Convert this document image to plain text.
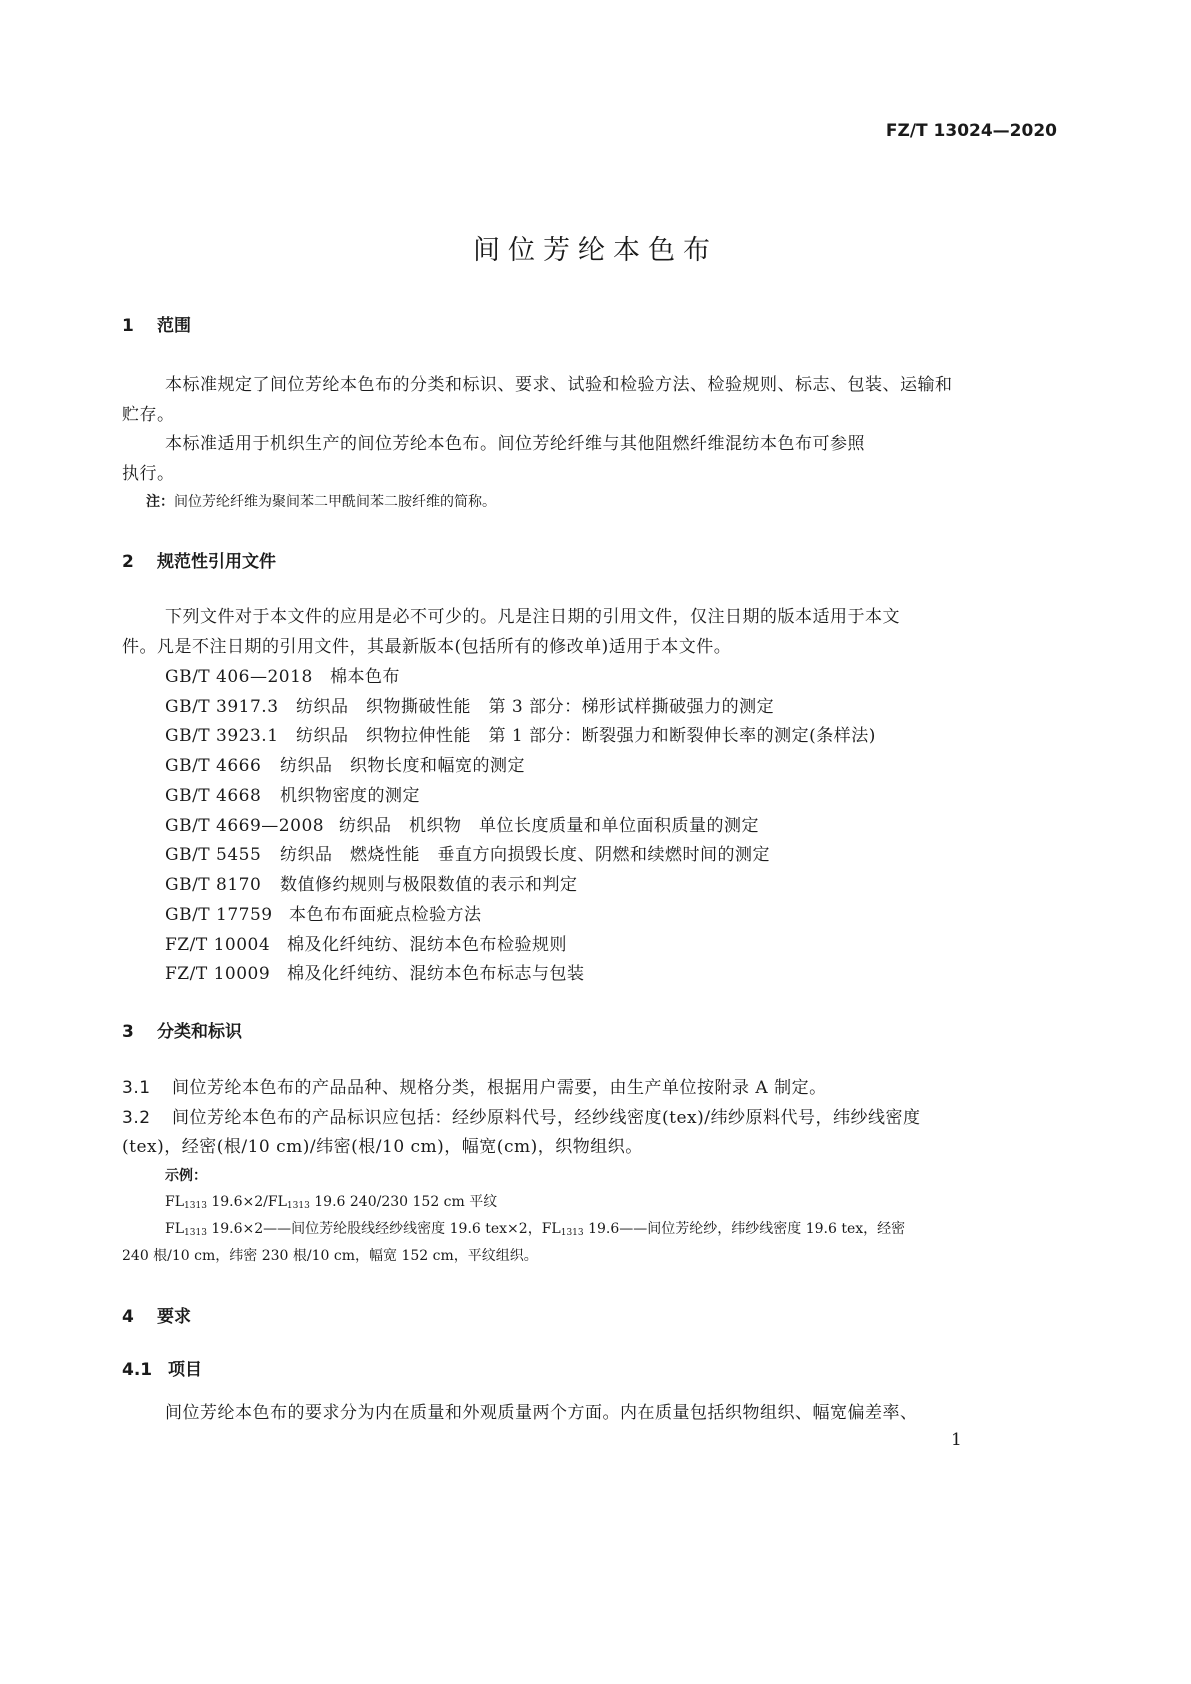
FZ/T 13024—2020
间位芳纶本色布
1 范围
本标准规定了间位芳纶本色布的分类和标识、要求、试验和检验方法、检验规则、标志、包装、运输和
贮存。
本标准适用于机织生产的间位芳纶本色布。间位芳纶纤维与其他阻燃纤维混纺本色布可参照
执行。
注：间位芳纶纤维为聚间苯二甲酰间苯二胺纤维的简称。
2 规范性引用文件
下列文件对于本文件的应用是必不可少的。凡是注日期的引用文件，仅注日期的版本适用于本文
件。凡是不注日期的引用文件，其最新版本(包括所有的修改单)适用于本文件。
GB/T 406—2018 棉本色布
GB/T 3917.3 纺织品　织物撕破性能　第 3 部分：梯形试样撕破强力的测定
GB/T 3923.1 纺织品　织物拉伸性能　第 1 部分：断裂强力和断裂伸长率的测定(条样法)
GB/T 4666 纺织品　织物长度和幅宽的测定
GB/T 4668 机织物密度的测定
GB/T 4669—2008 纺织品　机织物　单位长度质量和单位面积质量的测定
GB/T 5455 纺织品　燃烧性能　垂直方向损毁长度、阴燃和续燃时间的测定
GB/T 8170 数值修约规则与极限数值的表示和判定
GB/T 17759 本色布布面疵点检验方法
FZ/T 10004 棉及化纤纯纺、混纺本色布检验规则
FZ/T 10009 棉及化纤纯纺、混纺本色布标志与包装
3 分类和标识
3.1 间位芳纶本色布的产品品种、规格分类，根据用户需要，由生产单位按附录 A 制定。
3.2 间位芳纶本色布的产品标识应包括：经纱原料代号，经纱线密度(tex)/纬纱原料代号，纬纱线密度
(tex)，经密(根/10 cm)/纬密(根/10 cm)，幅宽(cm)，织物组织。
示例：
$FL_{1313}$ $19.6\times 2/FL_{1313}$ 19.6 240/230 152 cm 平纹
$FL_{1313}$ 19.6×2——间位芳纶股线经纱线密度 19.6 tex×2，$FL_{1313}$ 19.6——间位芳纶纱，纬纱线密度 19.6 tex，经密
240 根/10 cm，纬密 230 根/10 cm，幅宽 152 cm，平纹组织。
4 要求
4.1 项目
间位芳纶本色布的要求分为内在质量和外观质量两个方面。内在质量包括织物组织、幅宽偏差率、
1
